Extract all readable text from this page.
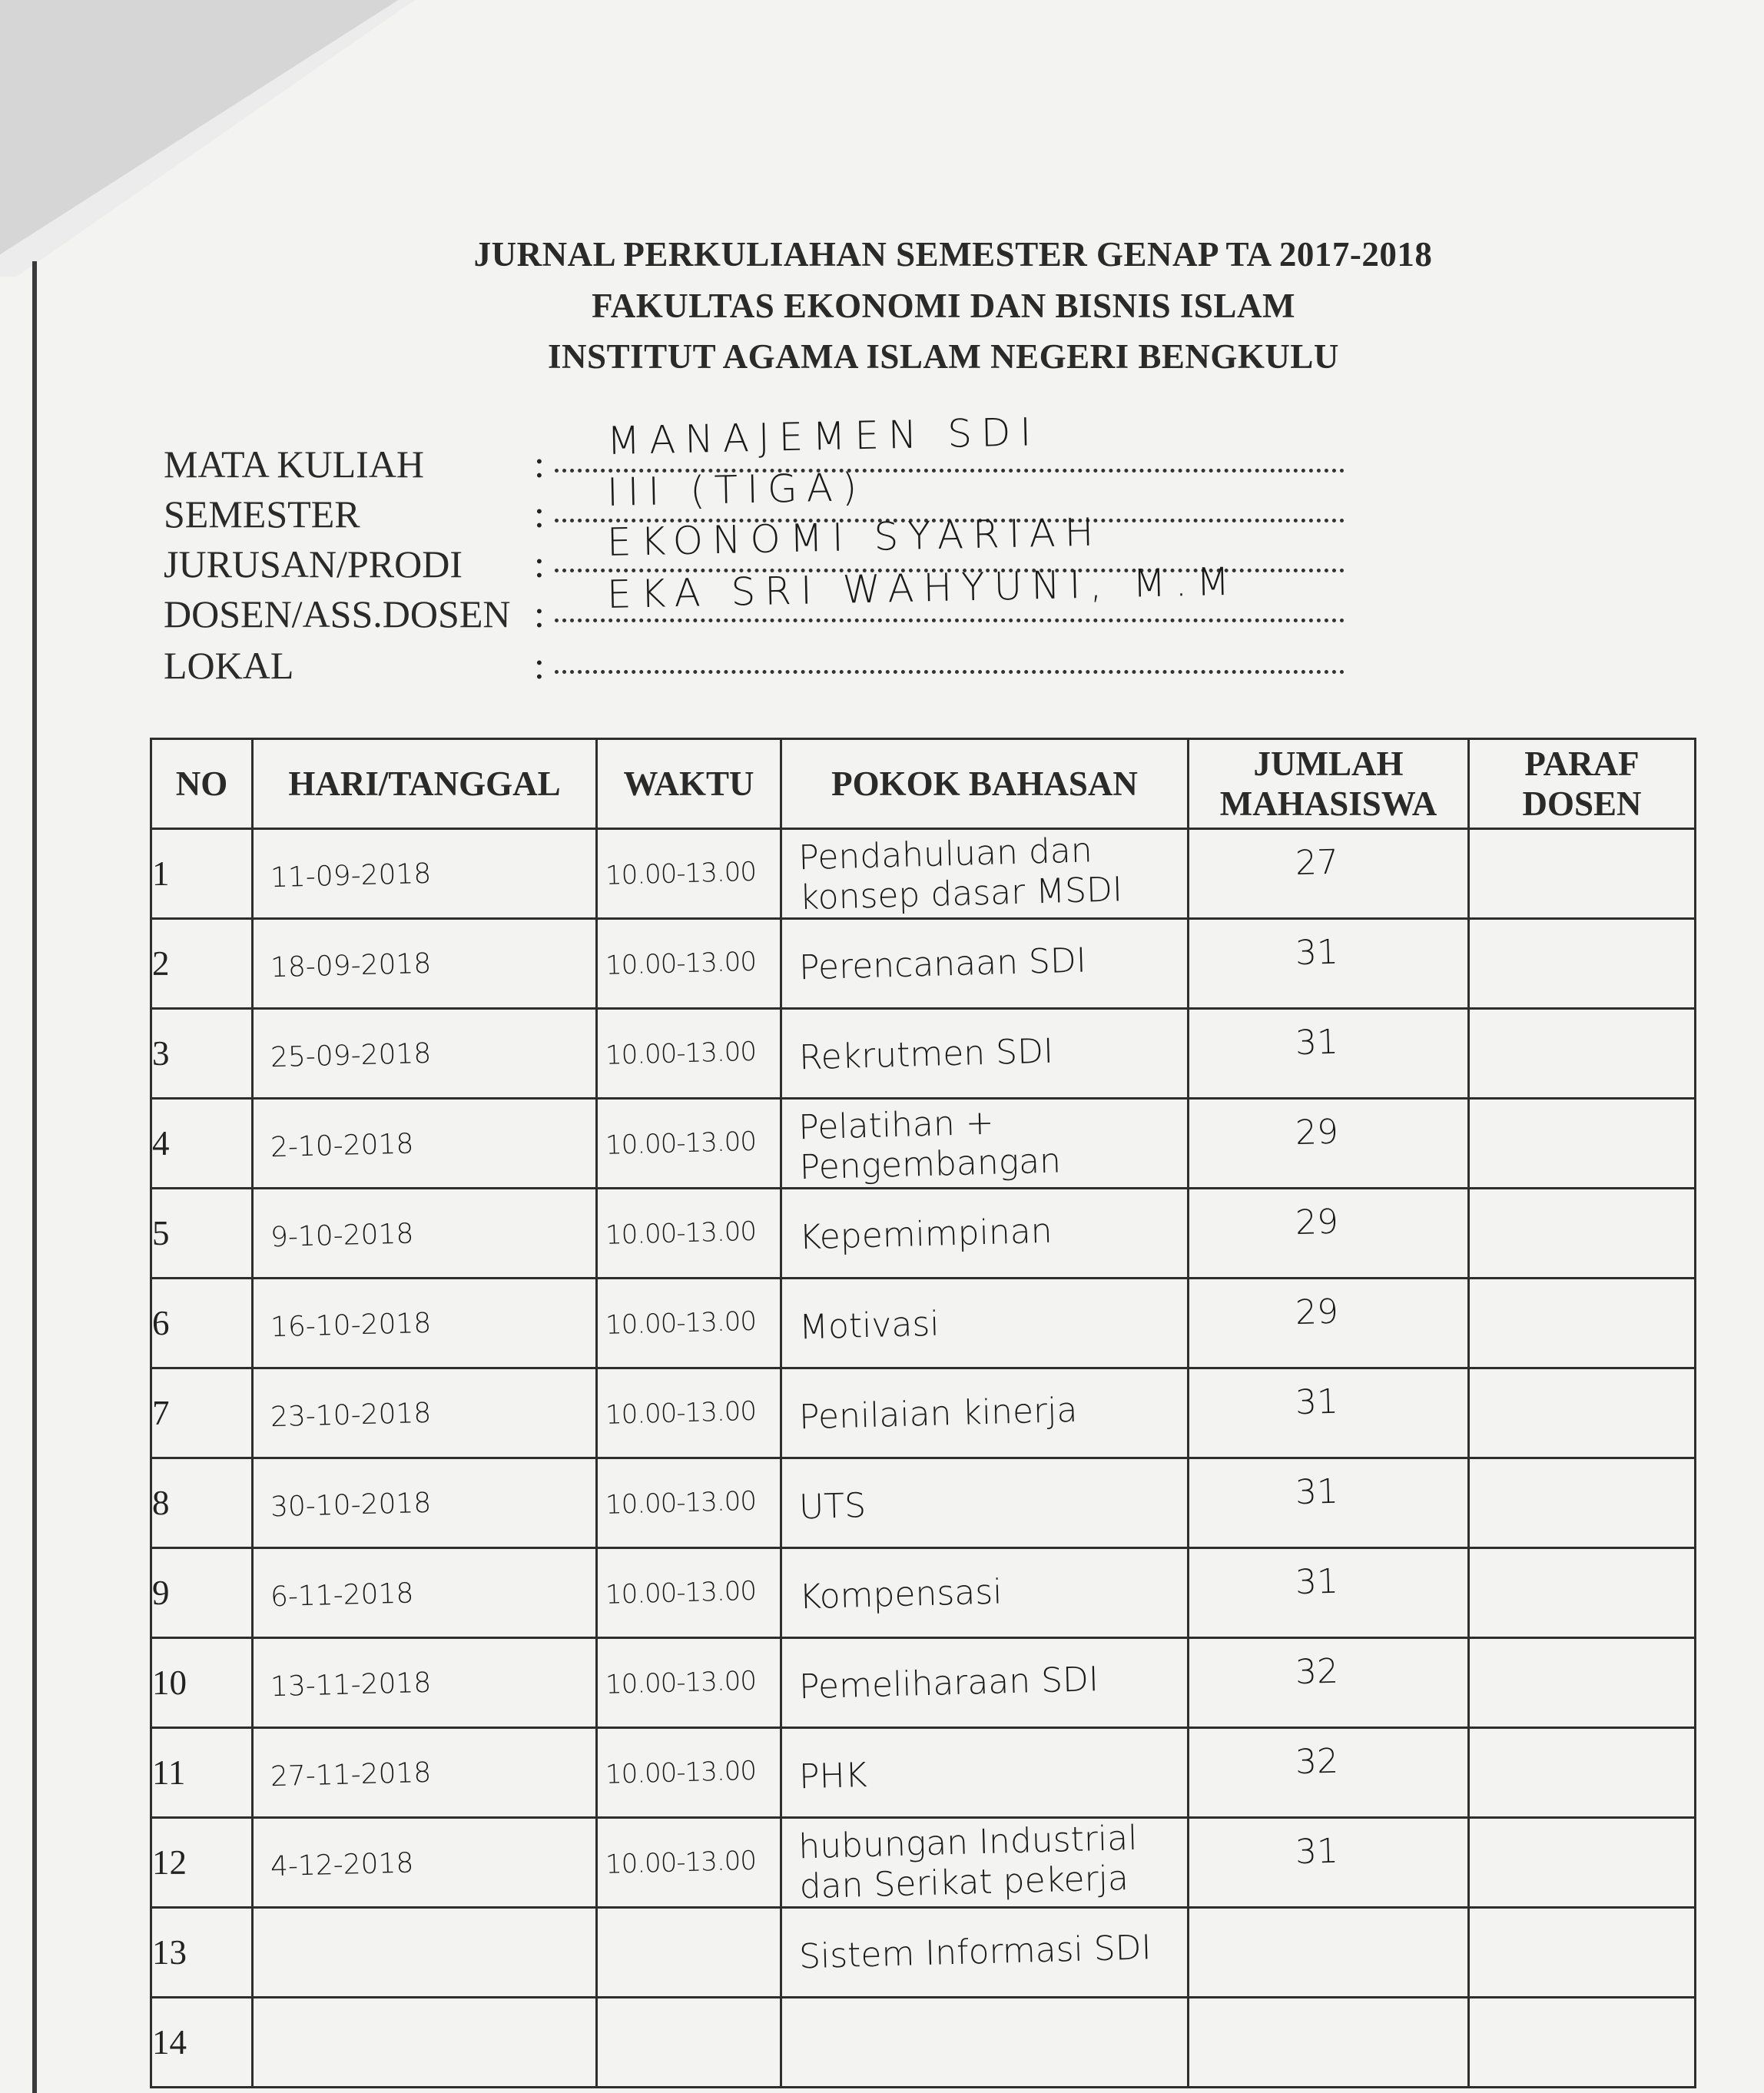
JURNAL PERKULIAHAN SEMESTER GENAP TA 2017-2018
FAKULTAS EKONOMI DAN BISNIS ISLAM
INSTITUT AGAMA ISLAM NEGERI BENGKULU
MATA KULIAH	:
MANAJEMEN SDI
SEMESTER	: III (TIGA)
JURUSAN/PRODI : EKONOMI SYARIAH
DOSEN/ASS.DOSEN : EKA SRI WAHYUNI, M.M
LOKAL	:
NO	HARI/TANGGAL	WAKTU	POKOK BAHASAN	JUMLAH MAHASISWA	PARAF DOSEN
1	11-09-2018	10.00-13.00	Pendahuluan dan konsep dasar MSDI	27	

2	18-09-2018	10.00-13.00	Perencanaan SDI	31	

3	25-09-2018	10.00-13.00	Rekrutmen SDI	31	

4	2-10-2018	10.00-13.00	Pelatihan + Pengembangan	29	

5	9-10-2018	10.00-13.00	Kepemimpinan	29	

6	16-10-2018	10.00-13.00	Motivasi	29	

7	23-10-2018	10.00-13.00	Penilaian kinerja	31	

8	30-10-2018	10.00-13.00	UTS	31	

9	6-11-2018	10.00-13.00	Kompensasi	31	

10	13-11-2018	10.00-13.00	Pemeliharaan SDI	32	

11	27-11-2018	10.00-13.00	PHK	32	

12	4-12-2018	10.00-13.00	hubungan Industrial dan Serikat pekerja	31	

13			Sistem Informasi SDI		

14	
